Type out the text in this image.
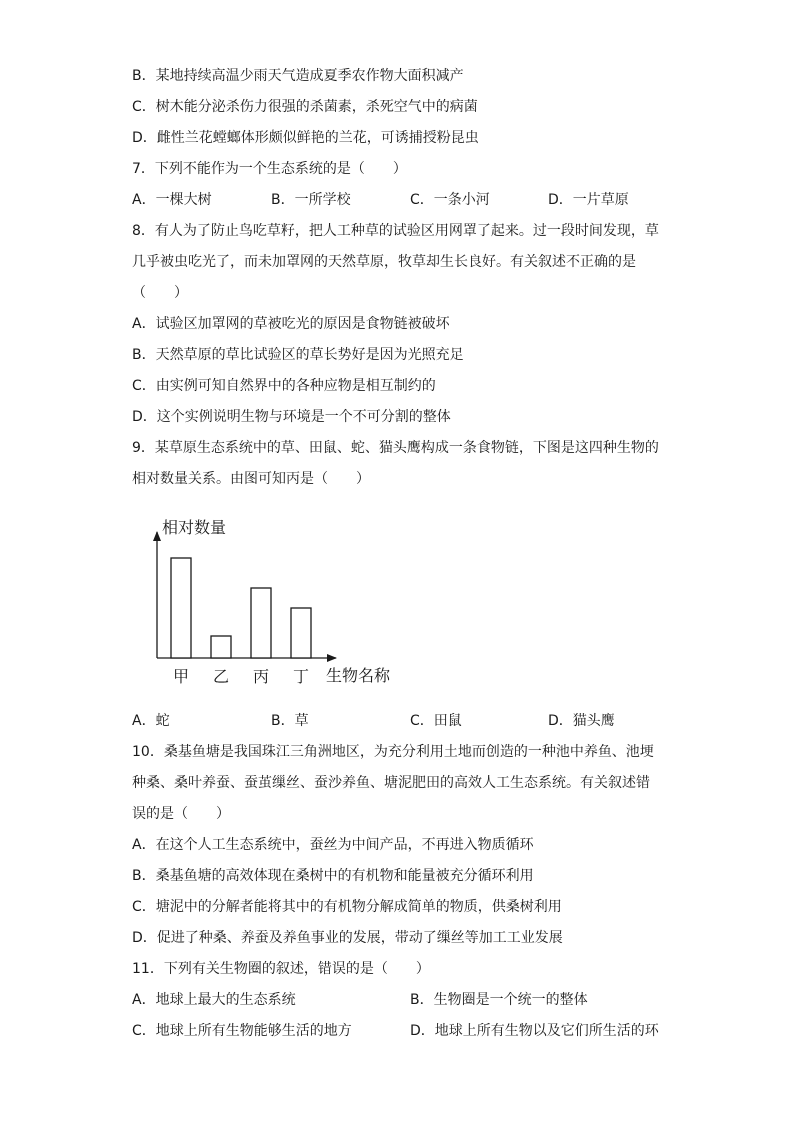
B．某地持续高温少雨天气造成夏季农作物大面积减产
C．树木能分泌杀伤力很强的杀菌素，杀死空气中的病菌
D．雌性兰花螳螂体形颇似鲜艳的兰花，可诱捕授粉昆虫
7．下列不能作为一个生态系统的是（　　）
A．一棵大树	B．一所学校	C．一条小河	D．一片草原
8．有人为了防止鸟吃草籽，把人工种草的试验区用网罩了起来。过一段时间发现，草
几乎被虫吃光了，而未加罩网的天然草原，牧草却生长良好。有关叙述不正确的是
（　　）
A．试验区加罩网的草被吃光的原因是食物链被破坏
B．天然草原的草比试验区的草长势好是因为光照充足
C．由实例可知自然界中的各种应物是相互制约的
D．这个实例说明生物与环境是一个不可分割的整体
9．某草原生态系统中的草、田鼠、蛇、猫头鹰构成一条食物链，下图是这四种生物的
相对数量关系。由图可知丙是（　　）
相对数量
生物名称
甲 乙 丙 丁
A．蛇	B．草	C．田鼠	D．猫头鹰
10．桑基鱼塘是我国珠江三角洲地区，为充分利用土地而创造的一种池中养鱼、池埂
种桑、桑叶养蚕、蚕茧缫丝、蚕沙养鱼、塘泥肥田的高效人工生态系统。有关叙述错
误的是（　　）
A．在这个人工生态系统中，蚕丝为中间产品，不再进入物质循环
B．桑基鱼塘的高效体现在桑树中的有机物和能量被充分循环利用
C．塘泥中的分解者能将其中的有机物分解成简单的物质，供桑树利用
D．促进了种桑、养蚕及养鱼事业的发展，带动了缫丝等加工工业发展
11．下列有关生物圈的叙述，错误的是（　　）
A．地球上最大的生态系统	B．生物圈是一个统一的整体
C．地球上所有生物能够生活的地方	D．地球上所有生物以及它们所生活的环
